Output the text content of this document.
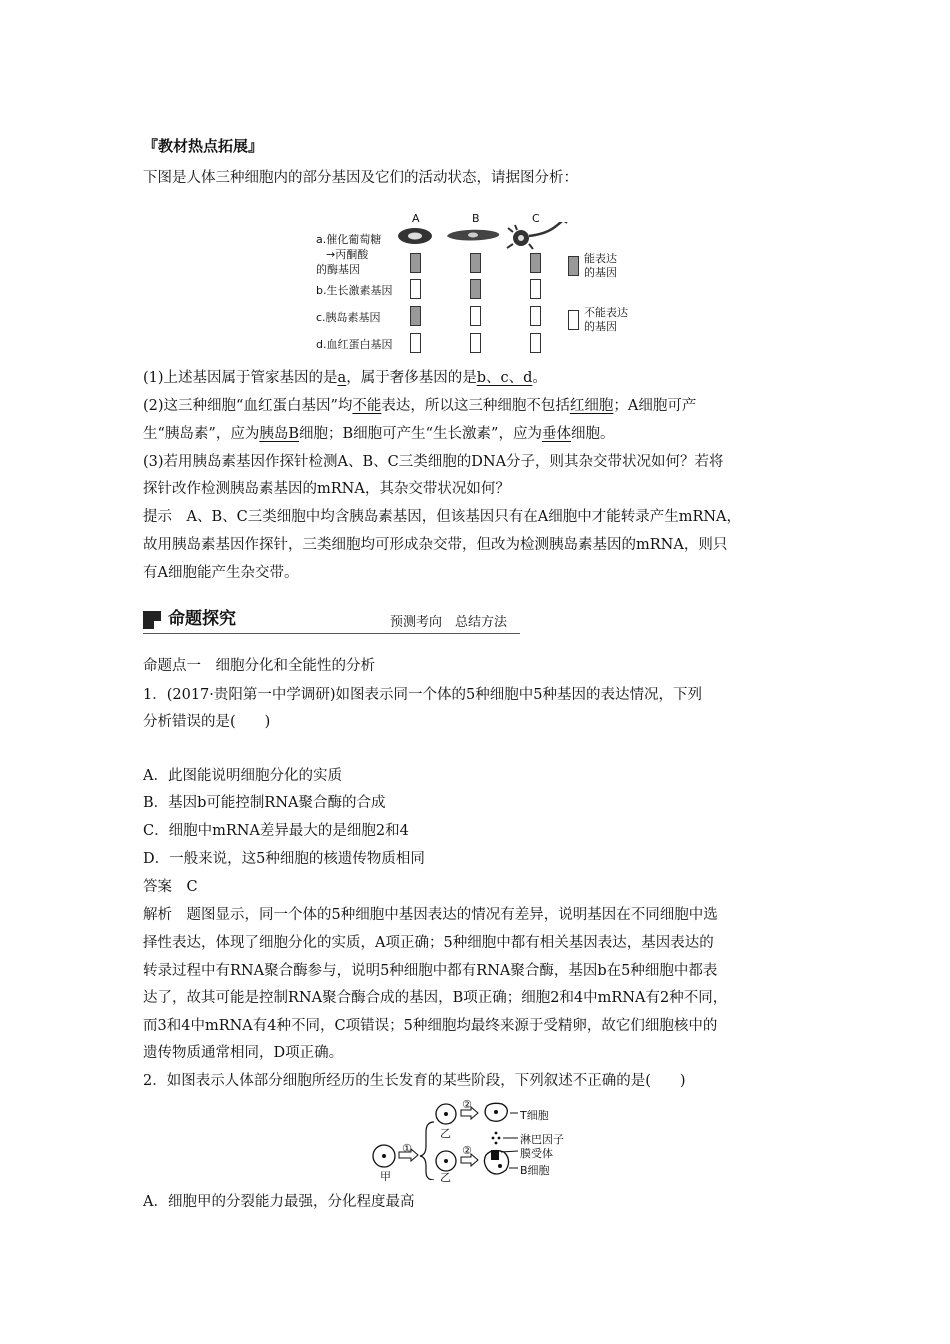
『教材热点拓展』
下图是人体三种细胞内的部分基因及它们的活动状态，请据图分析：
A	B	C
a.催化葡萄糖
→丙酮酸
的酶基因
b.生长激素基因
c.胰岛素基因
d.血红蛋白基因
能表达
的基因
不能表达
的基因
(1)上述基因属于管家基因的是a，属于奢侈基因的是b、c、d。
(2)这三种细胞“血红蛋白基因”均不能表达，所以这三种细胞不包括红细胞；A细胞可产
生“胰岛素”，应为胰岛B细胞；B细胞可产生“生长激素”，应为垂体细胞。
(3)若用胰岛素基因作探针检测A、B、C三类细胞的DNA分子，则其杂交带状况如何？若将
探针改作检测胰岛素基因的mRNA，其杂交带状况如何？
提示　A、B、C三类细胞中均含胰岛素基因，但该基因只有在A细胞中才能转录产生mRNA，
故用胰岛素基因作探针，三类细胞均可形成杂交带，但改为检测胰岛素基因的mRNA，则只
有A细胞能产生杂交带。
命题探究	预测考向　总结方法
命题点一　细胞分化和全能性的分析
1．(2017·贵阳第一中学调研)如图表示同一个体的5种细胞中5种基因的表达情况，下列
分析错误的是(　　)
A．此图能说明细胞分化的实质
B．基因b可能控制RNA聚合酶的合成
C．细胞中mRNA差异最大的是细胞2和4
D．一般来说，这5种细胞的核遗传物质相同
答案　C
解析　题图显示，同一个体的5种细胞中基因表达的情况有差异，说明基因在不同细胞中选
择性表达，体现了细胞分化的实质，A项正确；5种细胞中都有相关基因表达，基因表达的
转录过程中有RNA聚合酶参与，说明5种细胞中都有RNA聚合酶，基因b在5种细胞中都表
达了，故其可能是控制RNA聚合酶合成的基因，B项正确；细胞2和4中mRNA有2种不同，
而3和4中mRNA有4种不同，C项错误；5种细胞均最终来源于受精卵，故它们细胞核中的
遗传物质通常相同，D项正确。
2．如图表示人体部分细胞所经历的生长发育的某些阶段，下列叙述不正确的是(　　)
甲
①
乙
乙
②
②
T细胞
淋巴因子
膜受体
B细胞
A．细胞甲的分裂能力最强，分化程度最高
